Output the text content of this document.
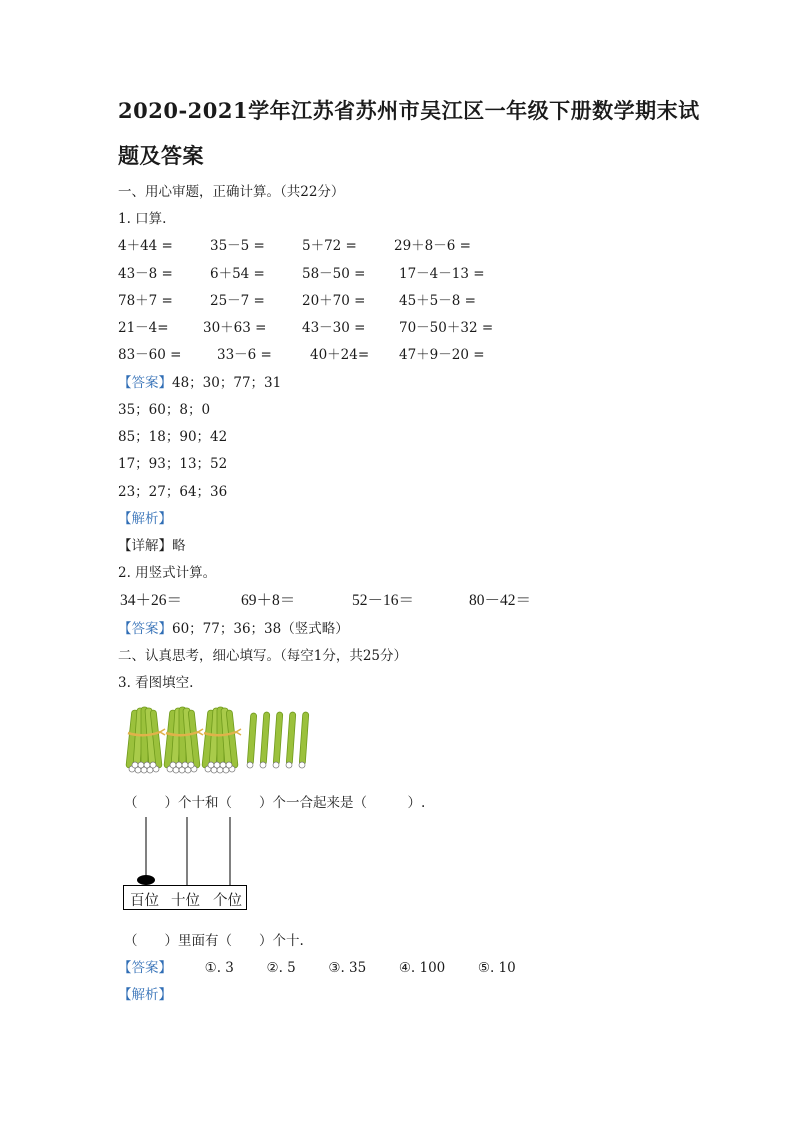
2020-2021学年江苏省苏州市吴江区一年级下册数学期末试
题及答案
一、用心审题，正确计算。（共22分）
1. 口算.
4＋44 =	35－5 =	5＋72 =	29＋8－6 =
43－8 =	6＋54 =	58－50 = 17－4－13 =
78＋7 =	25－7 =	20＋70 = 45＋5－8 =
21－4=	30＋63 =	43－30 = 70－50＋32 =
83－60 =	33－6 =	40＋24= 47＋9－20 =
【答案】48；30；77；31
35；60；8；0
85；18；90；42
17；93；13；52
23；27；64；36
【解析】
【详解】略
2. 用竖式计算。
34＋26＝	69＋8＝	52－16＝	80－42＝
【答案】60；77；36；38（竖式略）
二、认真思考，细心填写。（每空1分，共25分）
3. 看图填空.
（　　）个十和（　　）个一合起来是（　　　）.
百位 十位 个位
（　　）里面有（　　）个十.
【答案】 ①. 3 ②. 5 ③. 35 ④. 100 ⑤. 10
【解析】
